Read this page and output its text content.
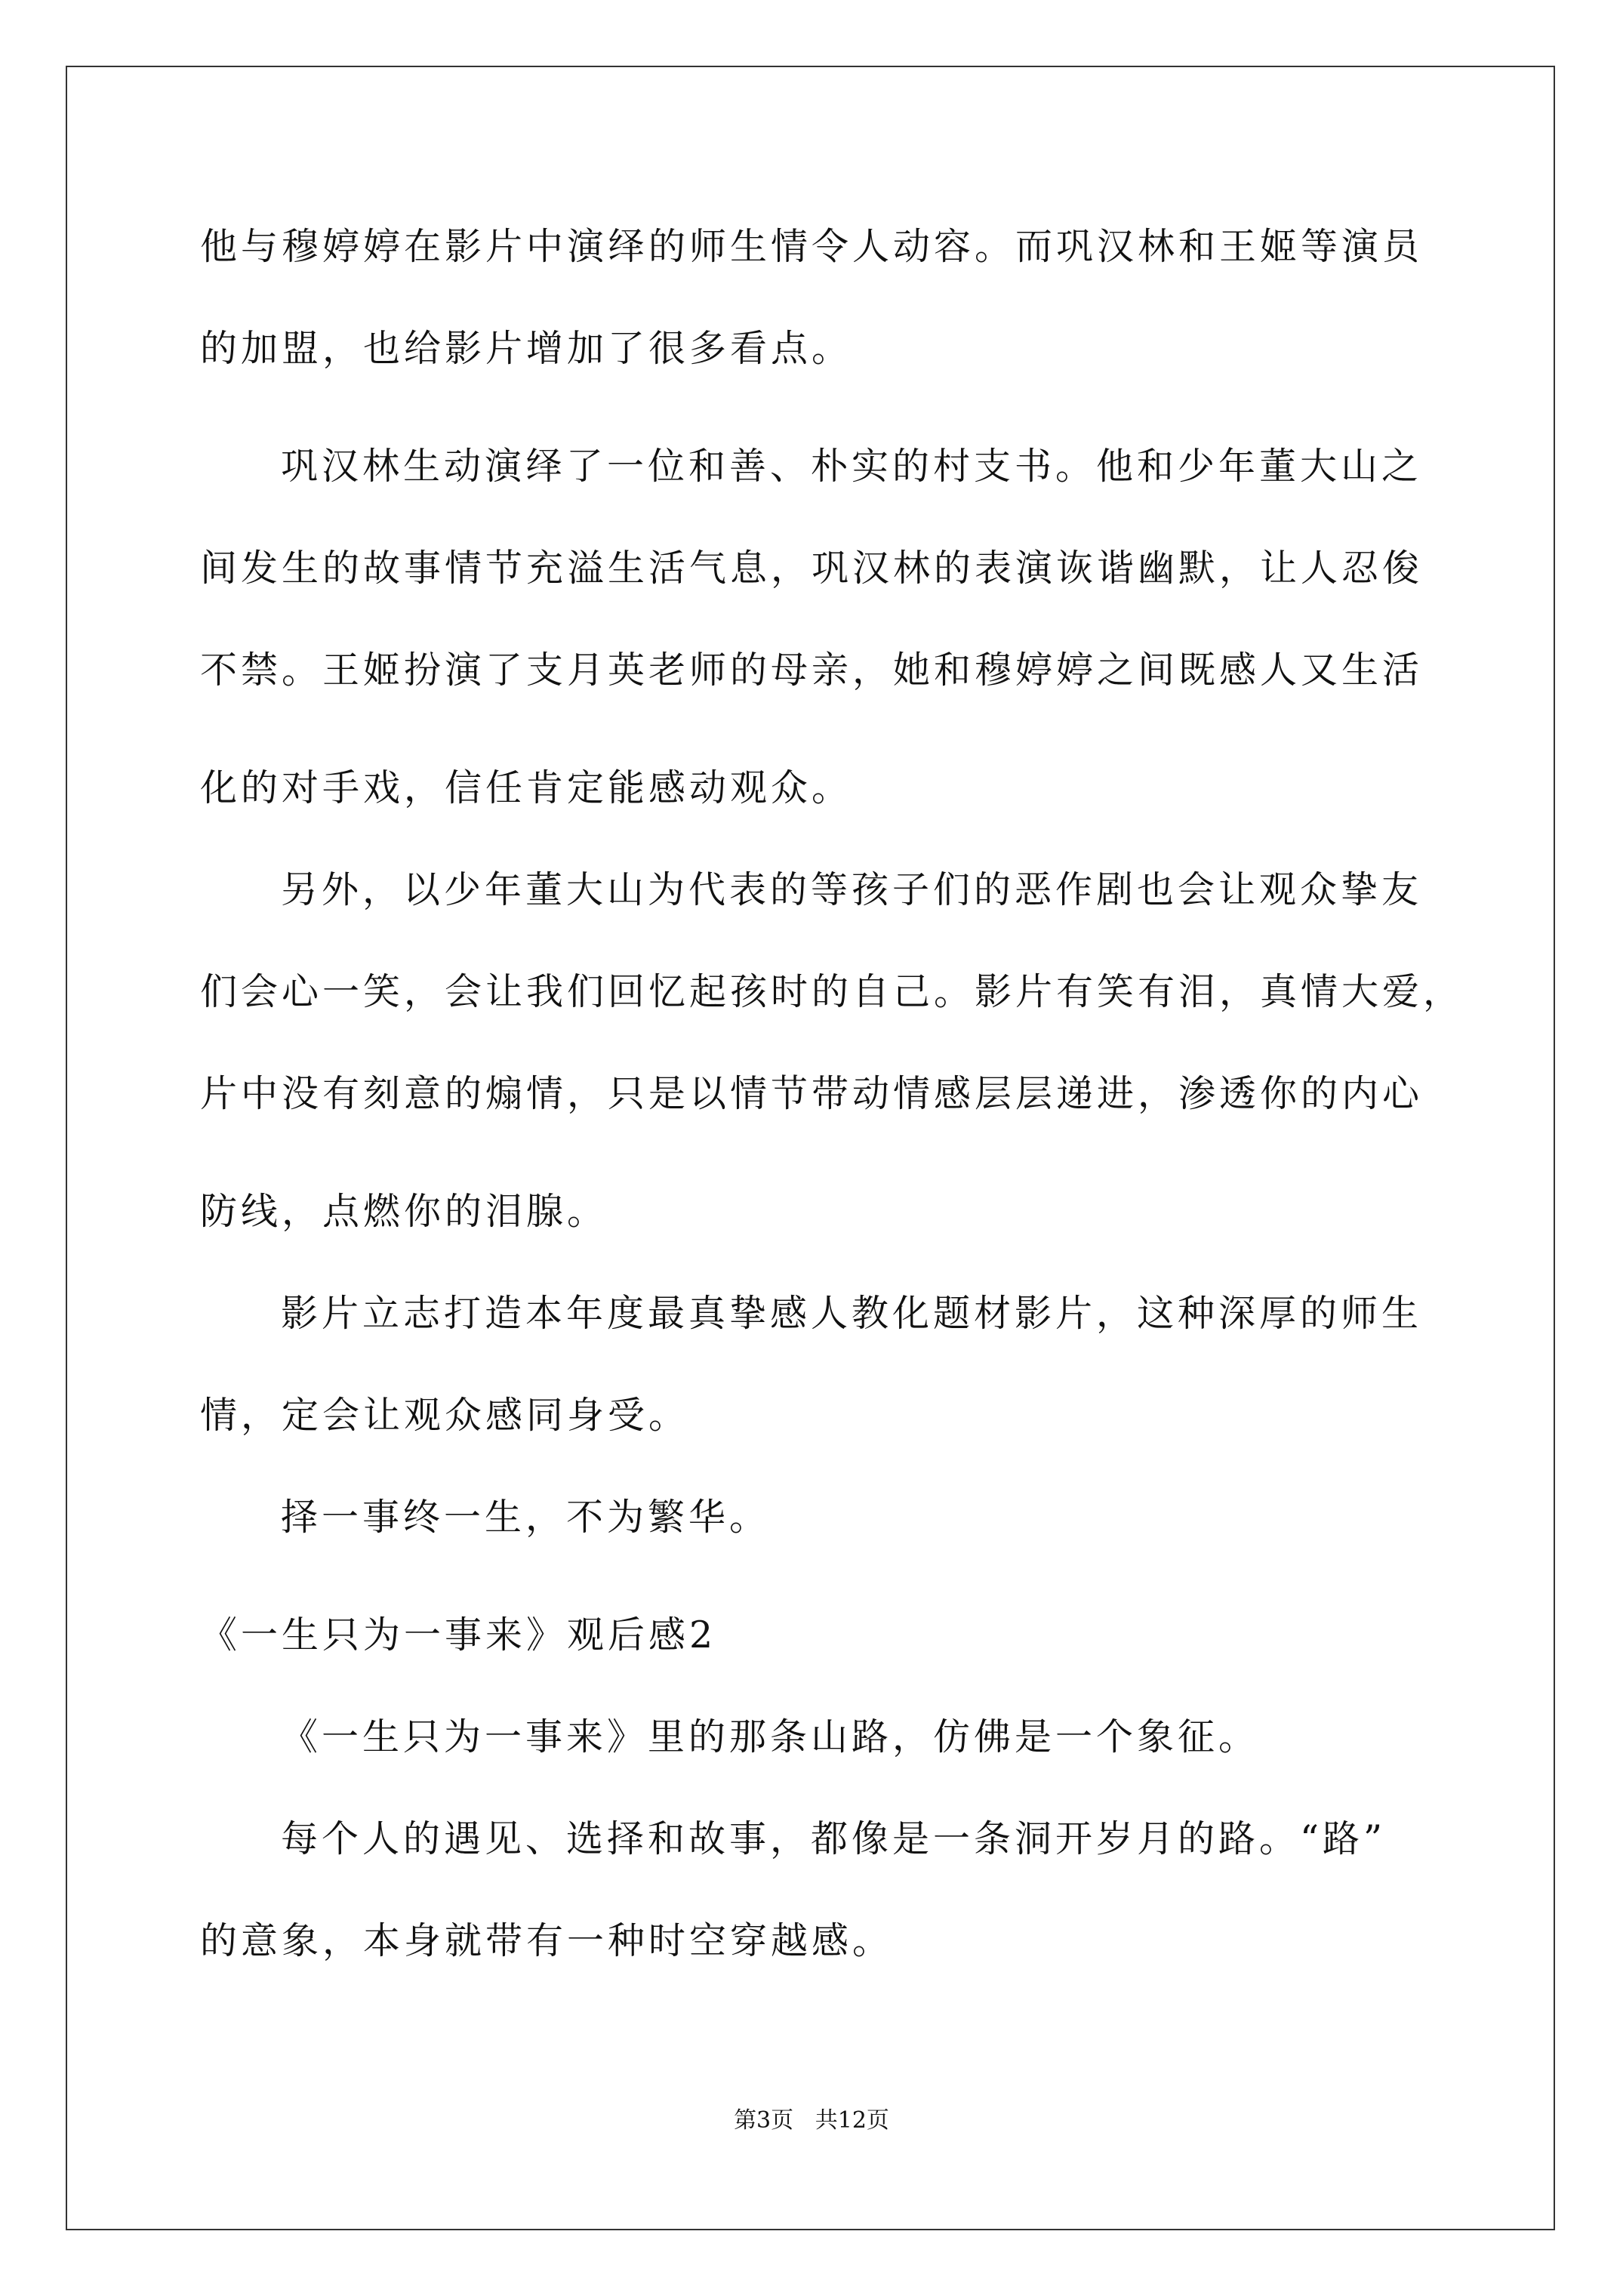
他与穆婷婷在影片中演绎的师生情令人动容。而巩汉林和王姬等演员
的加盟，也给影片增加了很多看点。
巩汉林生动演绎了一位和善、朴实的村支书。他和少年董大山之
间发生的故事情节充溢生活气息，巩汉林的表演诙谐幽默，让人忍俊
不禁。王姬扮演了支月英老师的母亲，她和穆婷婷之间既感人又生活
化的对手戏，信任肯定能感动观众。
另外，以少年董大山为代表的等孩子们的恶作剧也会让观众挚友
们会心一笑，会让我们回忆起孩时的自己。影片有笑有泪，真情大爱，
片中没有刻意的煽情，只是以情节带动情感层层递进，渗透你的内心
防线，点燃你的泪腺。
影片立志打造本年度最真挚感人教化题材影片，这种深厚的师生
情，定会让观众感同身受。
择一事终一生，不为繁华。
《一生只为一事来》观后感2
《一生只为一事来》里的那条山路，仿佛是一个象征。
每个人的遇见、选择和故事，都像是一条洞开岁月的路。“路”
的意象，本身就带有一种时空穿越感。
第3页   共12页
